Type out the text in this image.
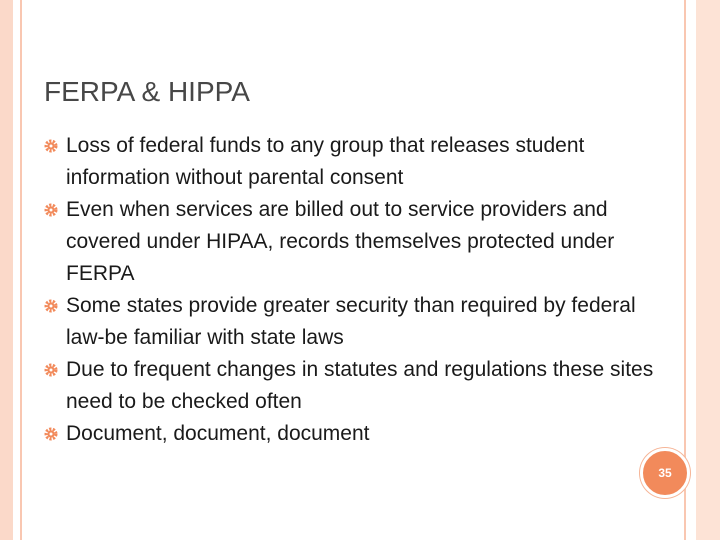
FERPA & HIPPA
Loss of federal funds to any group that releases student information without parental consent
Even when services are billed out to service providers and covered under HIPAA, records themselves protected under FERPA
Some states provide greater security than required by federal law-be familiar with state laws
Due to frequent changes in statutes and regulations these sites need to be checked often
Document, document, document
35
